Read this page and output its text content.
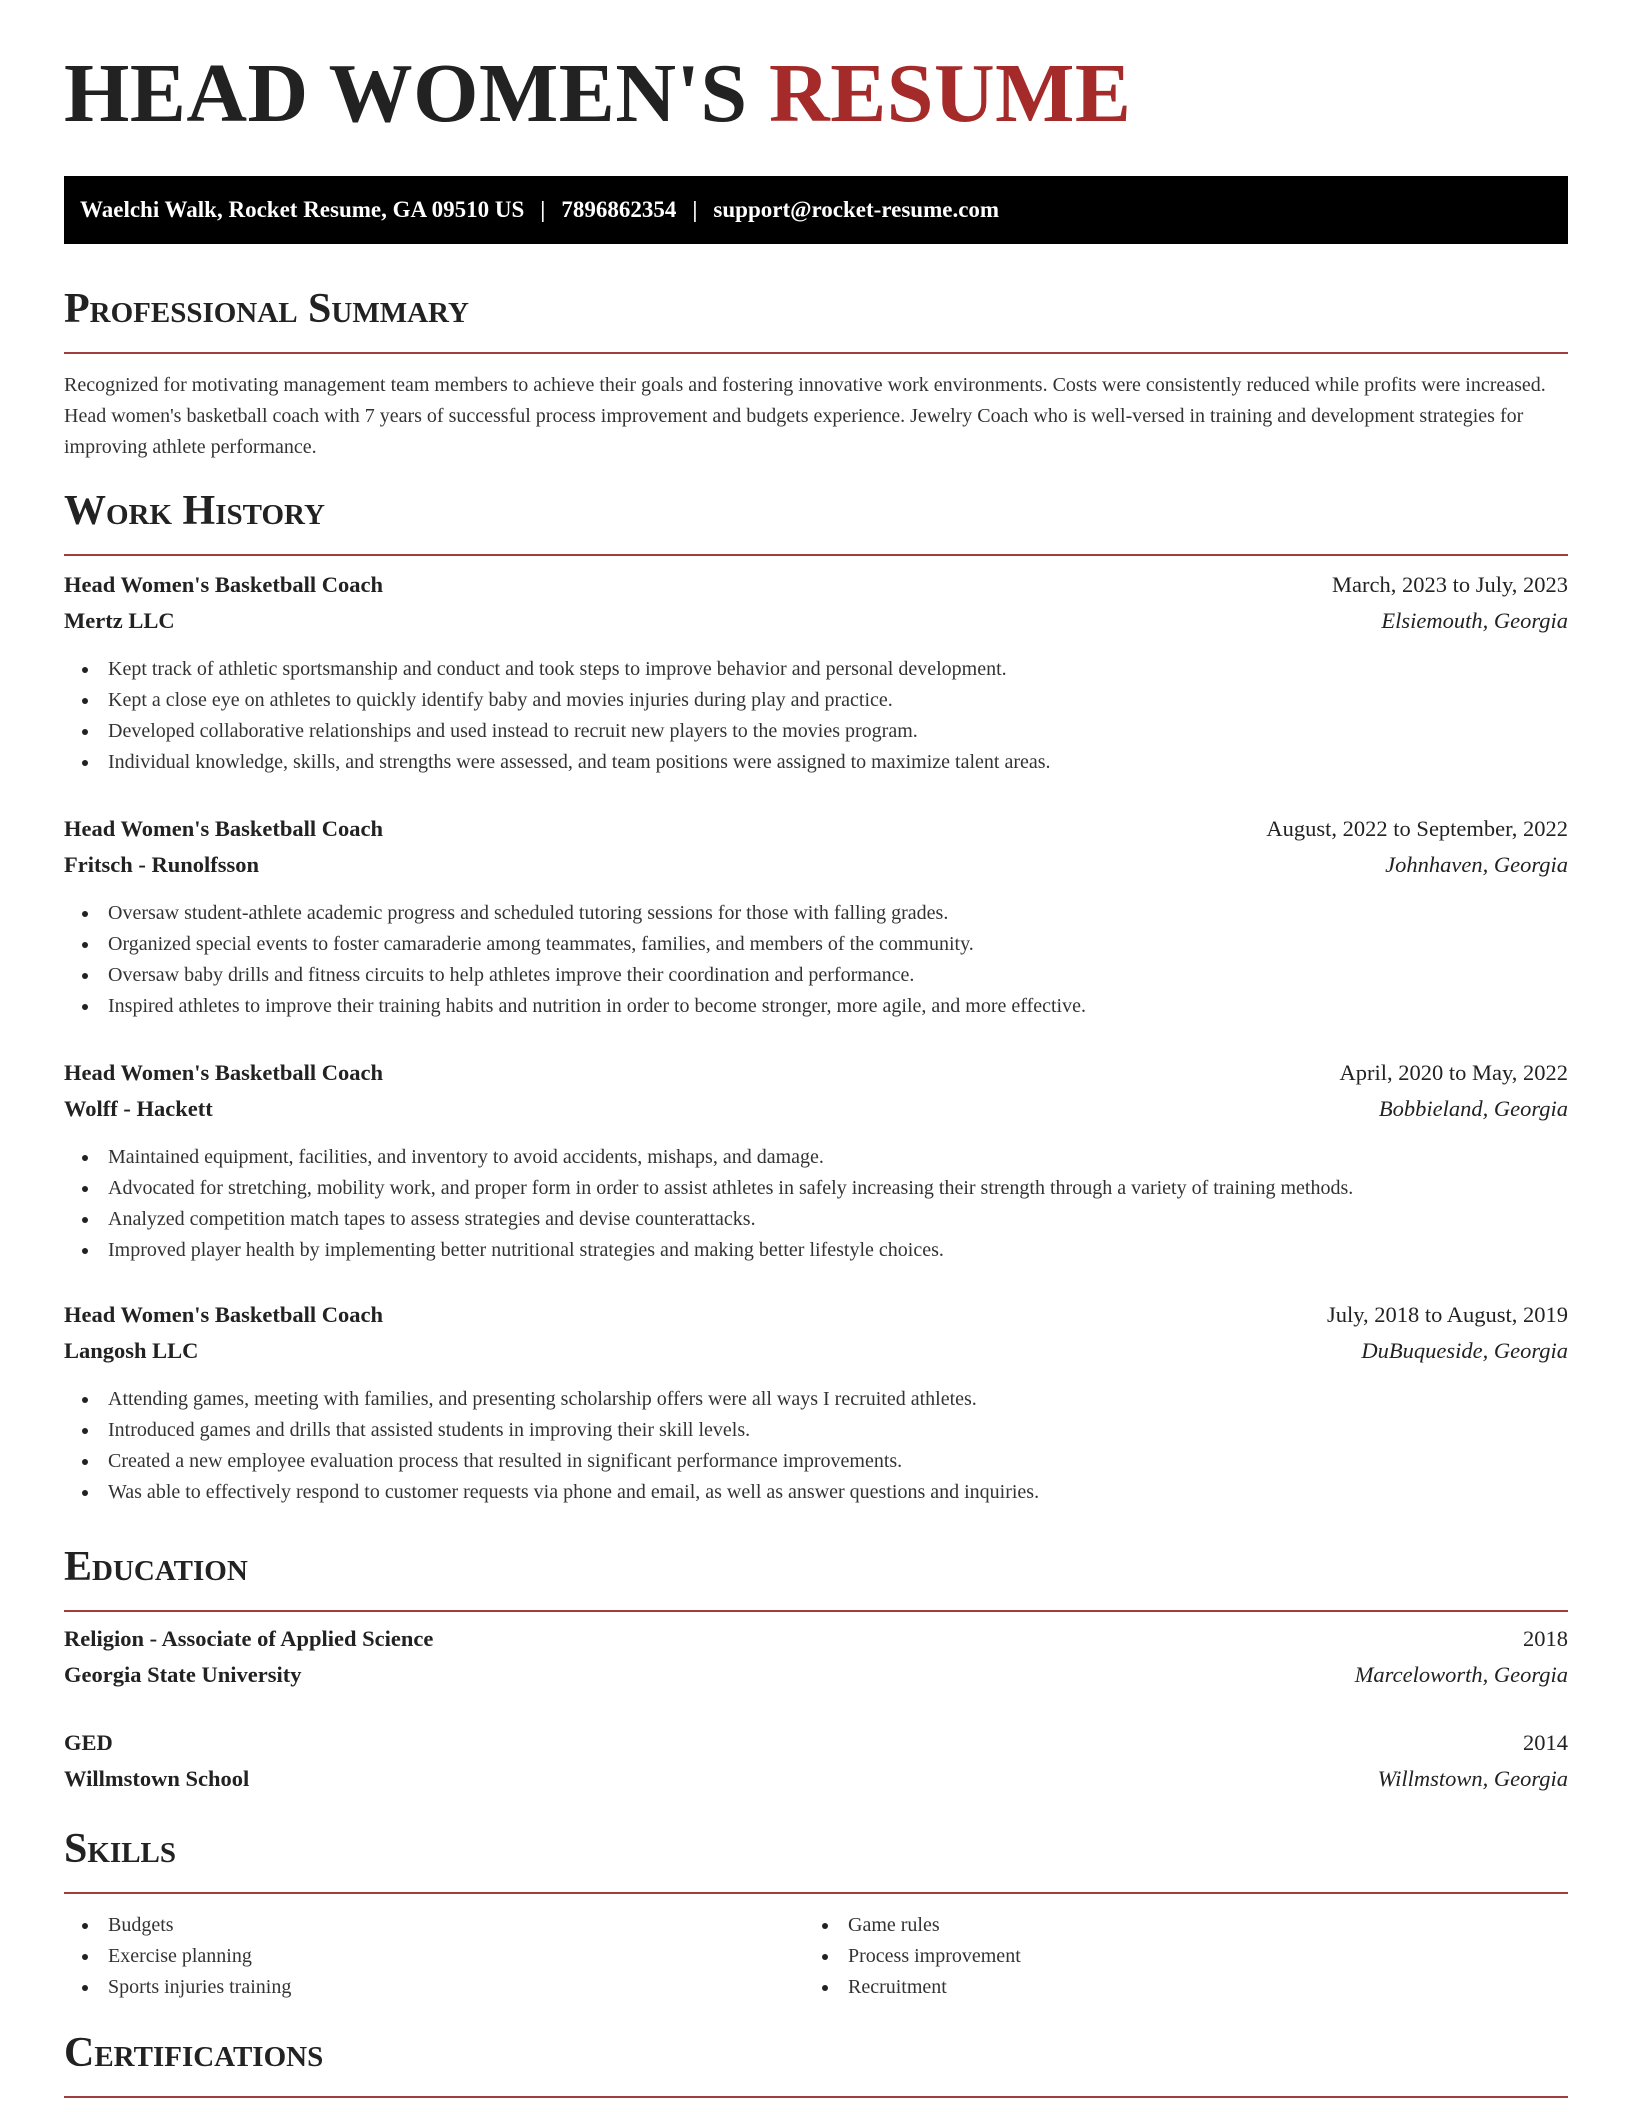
HEAD WOMEN'S RESUME
Waelchi Walk, Rocket Resume, GA 09510 US | 7896862354 | support@rocket-resume.com
Professional Summary

Recognized for motivating management team members to achieve their goals and fostering innovative work environments. Costs were consistently reduced while profits were increased. Head women's basketball coach with 7 years of successful process improvement and budgets experience. Jewelry Coach who is well-versed in training and development strategies for improving athlete performance.

Work History
Head Women's Basketball Coach	March, 2023 to July, 2023
Mertz LLC	Elsiemouth, Georgia
Kept track of athletic sportsmanship and conduct and took steps to improve behavior and personal development.
Kept a close eye on athletes to quickly identify baby and movies injuries during play and practice.
Developed collaborative relationships and used instead to recruit new players to the movies program.
Individual knowledge, skills, and strengths were assessed, and team positions were assigned to maximize talent areas.
Head Women's Basketball Coach	August, 2022 to September, 2022
Fritsch - Runolfsson	Johnhaven, Georgia
Oversaw student-athlete academic progress and scheduled tutoring sessions for those with falling grades.
Organized special events to foster camaraderie among teammates, families, and members of the community.
Oversaw baby drills and fitness circuits to help athletes improve their coordination and performance.
Inspired athletes to improve their training habits and nutrition in order to become stronger, more agile, and more effective.
Head Women's Basketball Coach	April, 2020 to May, 2022
Wolff - Hackett	Bobbieland, Georgia
Maintained equipment, facilities, and inventory to avoid accidents, mishaps, and damage.
Advocated for stretching, mobility work, and proper form in order to assist athletes in safely increasing their strength through a variety of training methods.
Analyzed competition match tapes to assess strategies and devise counterattacks.
Improved player health by implementing better nutritional strategies and making better lifestyle choices.
Head Women's Basketball Coach	July, 2018 to August, 2019
Langosh LLC	DuBuqueside, Georgia
Attending games, meeting with families, and presenting scholarship offers were all ways I recruited athletes.
Introduced games and drills that assisted students in improving their skill levels.
Created a new employee evaluation process that resulted in significant performance improvements.
Was able to effectively respond to customer requests via phone and email, as well as answer questions and inquiries.
Education
Religion - Associate of Applied Science	2018
Georgia State University	Marceloworth, Georgia
GED	2014
Willmstown School	Willmstown, Georgia
Skills
Budgets
Exercise planning
Sports injuries training
Game rules
Process improvement
Recruitment
Certifications
